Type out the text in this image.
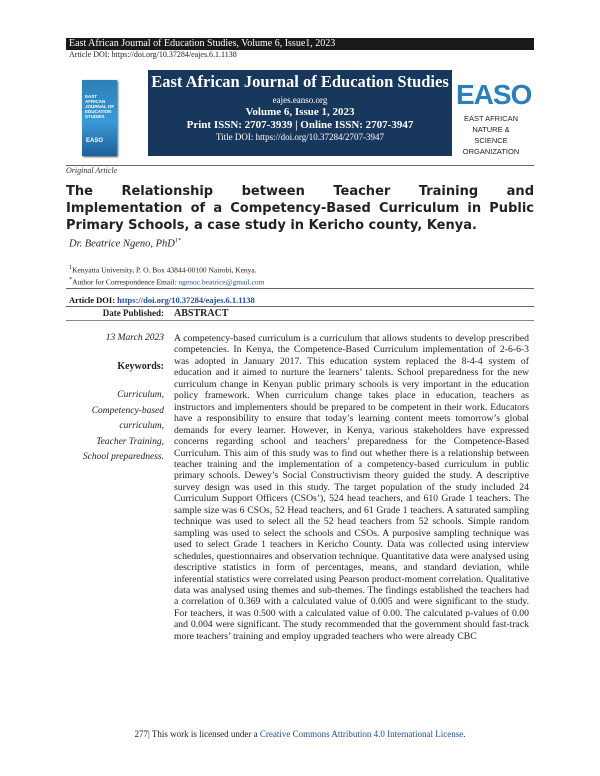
East African Journal of Education Studies, Volume 6, Issue1, 2023
Article DOI: https://doi.org/10.37284/eajes.6.1.1138
EAST AFRICAN JOURNAL OF EDUCATION STUDIES
EASO
East African Journal of Education Studies
eajes.eanso.org
Volume 6, Issue 1, 2023
Print ISSN: 2707-3939 | Online ISSN: 2707-3947
Title DOI: https://doi.org/10.37284/2707-3947
EASO
EAST AFRICAN
NATURE &
SCIENCE
ORGANIZATION
Original Article
The Relationship between Teacher Training and Implementation of a Competency-Based Curriculum in Public Primary Schools, a case study in Kericho county, Kenya.
Dr. Beatrice Ngeno, PhD$^{1*}$
$^1$Kenyatta University, P. O. Box 43844-00100 Nairobi, Kenya.
*Author for Correspondence Email: ngenoc.beatrice@gmail.com
Article DOI: https://doi.org/10.37284/eajes.6.1.1138
Date Published:
13 March 2023
Keywords:
Curriculum,
Competency-based curriculum,
Teacher Training,
School preparedness.
ABSTRACT
A competency-based curriculum is a curriculum that allows students to develop prescribed competencies. In Kenya, the Competence-Based Curriculum implementation of 2-6-6-3 was adopted in January 2017. This education system replaced the 8-4-4 system of education and it aimed to nurture the learners’ talents. School preparedness for the new curriculum change in Kenyan public primary schools is very important in the education policy framework. When curriculum change takes place in education, teachers as instructors and implementers should be prepared to be competent in their work. Educators have a responsibility to ensure that today’s learning content meets tomorrow’s global demands for every learner. However, in Kenya, various stakeholders have expressed concerns regarding school and teachers’ preparedness for the Competence-Based Curriculum. This aim of this study was to find out whether there is a relationship between teacher training and the implementation of a competency-based curriculum in public primary schools. Dewey’s Social Constructivism theory guided the study. A descriptive survey design was used in this study. The target population of the study included 24 Curriculum Support Officers (CSOs’), 524 head teachers, and 610 Grade 1 teachers. The sample size was 6 CSOs, 52 Head teachers, and 61 Grade 1 teachers. A saturated sampling technique was used to select all the 52 head teachers from 52 schools. Simple random sampling was used to select the schools and CSOs. A purposive sampling technique was used to select Grade 1 teachers in Kericho County. Data was collected using interview schedules, questionnaires and observation technique. Quantitative data were analysed using descriptive statistics in form of percentages, means, and standard deviation, while inferential statistics were correlated using Pearson product-moment correlation. Qualitative data was analysed using themes and sub-themes. The findings established the teachers had a correlation of 0.369 with a calculated value of 0.005 and were significant to the study. For teachers, it was 0.500 with a calculated value of 0.00. The calculated p-values of 0.00 and 0.004 were significant. The study recommended that the government should fast-track more teachers’ training and employ upgraded teachers who were already CBC
277| This work is licensed under a Creative Commons Attribution 4.0 International License.
